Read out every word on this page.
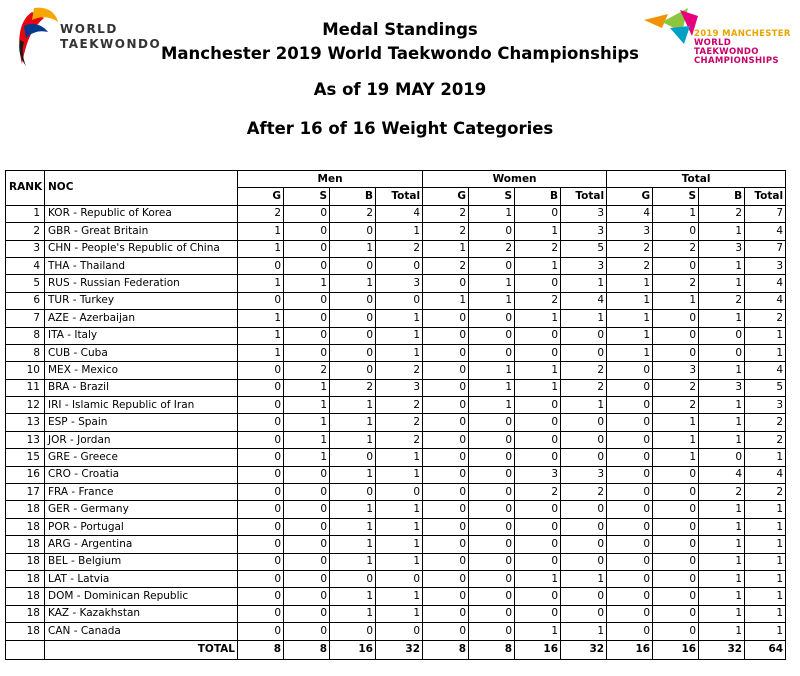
WORLD
TAEKWONDO
2019 MANCHESTER
WORLD TAEKWONDO
CHAMPIONSHIPS
Medal Standings
Manchester 2019 World Taekwondo Championships
As of 19 MAY 2019
After 16 of 16 Weight Categories
RANK	NOC	Men				Women				Total			
		G	S	B	Total	G	S	B	Total	G	S	B	Total
1	KOR - Republic of Korea	2	0	2	4	2	1	0	3	4	1	2	7
2	GBR - Great Britain	1	0	0	1	2	0	1	3	3	0	1	4
3	CHN - People's Republic of China	1	0	1	2	1	2	2	5	2	2	3	7
4	THA - Thailand	0	0	0	0	2	0	1	3	2	0	1	3
5	RUS - Russian Federation	1	1	1	3	0	1	0	1	1	2	1	4
6	TUR - Turkey	0	0	0	0	1	1	2	4	1	1	2	4
7	AZE - Azerbaijan	1	0	0	1	0	0	1	1	1	0	1	2
8	ITA - Italy	1	0	0	1	0	0	0	0	1	0	0	1
8	CUB - Cuba	1	0	0	1	0	0	0	0	1	0	0	1
10	MEX - Mexico	0	2	0	2	0	1	1	2	0	3	1	4
11	BRA - Brazil	0	1	2	3	0	1	1	2	0	2	3	5
12	IRI - Islamic Republic of Iran	0	1	1	2	0	1	0	1	0	2	1	3
13	ESP - Spain	0	1	1	2	0	0	0	0	0	1	1	2
13	JOR - Jordan	0	1	1	2	0	0	0	0	0	1	1	2
15	GRE - Greece	0	1	0	1	0	0	0	0	0	1	0	1
16	CRO - Croatia	0	0	1	1	0	0	3	3	0	0	4	4
17	FRA - France	0	0	0	0	0	0	2	2	0	0	2	2
18	GER - Germany	0	0	1	1	0	0	0	0	0	0	1	1
18	POR - Portugal	0	0	1	1	0	0	0	0	0	0	1	1
18	ARG - Argentina	0	0	1	1	0	0	0	0	0	0	1	1
18	BEL - Belgium	0	0	1	1	0	0	0	0	0	0	1	1
18	LAT - Latvia	0	0	0	0	0	0	1	1	0	0	1	1
18	DOM - Dominican Republic	0	0	1	1	0	0	0	0	0	0	1	1
18	KAZ - Kazakhstan	0	0	1	1	0	0	0	0	0	0	1	1
18	CAN - Canada	0	0	0	0	0	0	1	1	0	0	1	1
	TOTAL	8	8	16	32	8	8	16	32	16	16	32	64
